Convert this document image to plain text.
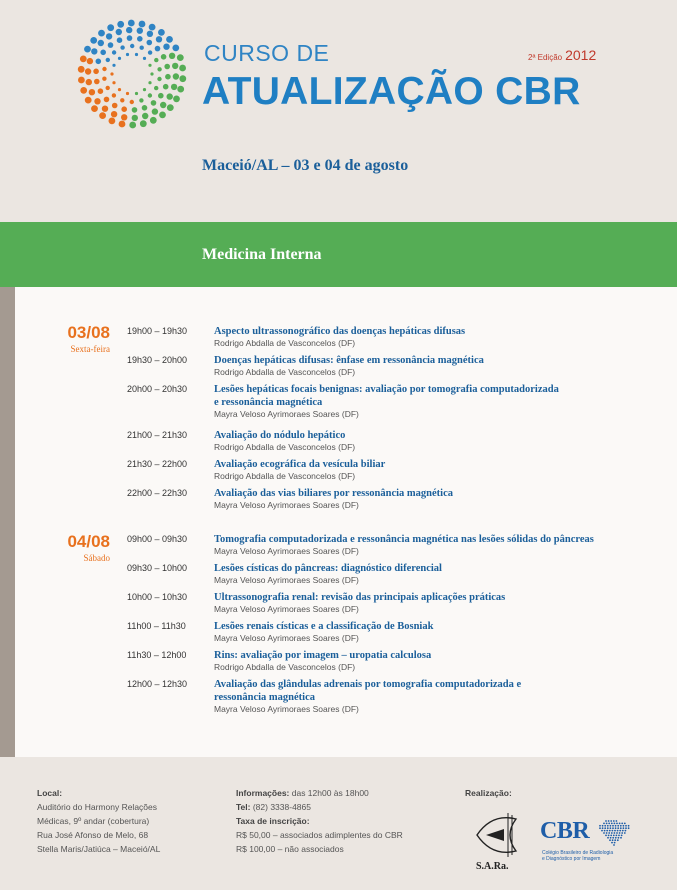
CURSO DE	2ª Edição 2012
ATUALIZAÇÃO CBR
Maceió/AL – 03 e 04 de agosto
Medicina Interna
03/08
Sexta-feira
19h00 – 19h30	Aspecto ultrassonográfico das doenças hepáticas difusas
Rodrigo Abdalla de Vasconcelos (DF)
19h30 – 20h00	Doenças hepáticas difusas: ênfase em ressonância magnética
Rodrigo Abdalla de Vasconcelos (DF)
20h00 – 20h30	Lesões hepáticas focais benignas: avaliação por tomografia computadorizada
e ressonância magnética
Mayra Veloso Ayrimoraes Soares (DF)
21h00 – 21h30	Avaliação do nódulo hepático
Rodrigo Abdalla de Vasconcelos (DF)
21h30 – 22h00	Avaliação ecográfica da vesícula biliar
Rodrigo Abdalla de Vasconcelos (DF)
22h00 – 22h30	Avaliação das vias biliares por ressonância magnética
Mayra Veloso Ayrimoraes Soares (DF)
04/08
Sábado
09h00 – 09h30	Tomografia computadorizada e ressonância magnética nas lesões sólidas do pâncreas
Mayra Veloso Ayrimoraes Soares (DF)
09h30 – 10h00	Lesões císticas do pâncreas: diagnóstico diferencial
Mayra Veloso Ayrimoraes Soares (DF)
10h00 – 10h30	Ultrassonografia renal: revisão das principais aplicações práticas
Mayra Veloso Ayrimoraes Soares (DF)
11h00 – 11h30	Lesões renais císticas e a classificação de Bosniak
Mayra Veloso Ayrimoraes Soares (DF)
11h30 – 12h00	Rins: avaliação por imagem – uropatia calculosa
Rodrigo Abdalla de Vasconcelos (DF)
12h00 – 12h30	Avaliação das glândulas adrenais por tomografia computadorizada e
ressonância magnética
Mayra Veloso Ayrimoraes Soares (DF)
Local:
Auditório do Harmony Relações
Médicas, 9º andar (cobertura)
Rua José Afonso de Melo, 68
Stella Maris/Jatiúca – Maceió/AL
Informações: das 12h00 às 18h00
Tel: (82) 3338-4865
Taxa de inscrição:
R$ 50,00 – associados adimplentes do CBR
R$ 100,00 – não associados
Realização:
S.A.Ra.
CBR
Colégio Brasileiro de Radiologia
e Diagnóstico por Imagem
